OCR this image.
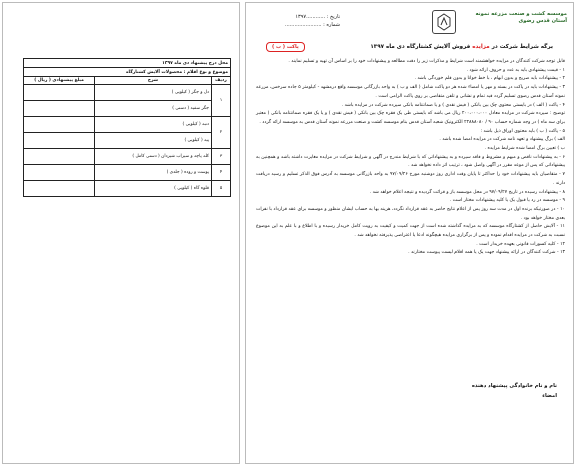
موسسه کشت و صنعت مزرعه نمونه
آستان قدس رضوی
تاریخ : ............۱۳۹۷
شماره : .......................
پاکت ( ب )	برگه شرایط شرکت در مزایده فروش آلایش کشتارگاه دی ماه ۱۳۹۷

قابل توجه شرکت کنندگان در مزایده خواهشمند است شرایط و مذکرات زیر را دقت مطالعه و پیشنهادات خود را بر اساس آن تهیه و تسلیم نمایند .

۱ - قیمت پیشنهادی باید به عدد و حروف ارائه شود .

۲ - پیشنهادات باید صریح و بدون ابهام ، با خط خوانا و بدون قلم خوردگی باشد .

۳ - پیشنهادات باید در پاکت در بسته و مهر یا امضاء شده هر دو پاکت شامل ( الف و ب ) به واحد بازرگانی موسسه واقع درمشهد - کیلومتر ۵ جاده سرخس، مزرعه نمونه آستان قدس رضوی تسلیم گردد قید تمام و نشانی و تلفن متقاضی بر روی پاکت الزامی است .

۴ - پاکت ( الف ) در بایستی محتوی چک بین بانکی ( فیش نقدی ) و یا ضمانتنامه بانکی سپرده شرکت در مزایده باشد .

توضیح : سپرده شرکت در مزایده معادل ۲۰۰،۰۰۰،۰۰۰ ریال می باشد که بایستی طی یک فقره چک بین بانکی ( فیش نقدی ) و یا یک فقره ضمانتنامه بانکی ( معتبر برای سه ماه ) در وجه شماره حساب ۹۰ / ۲۲۸۸۸۰۸۰ الکترونیک شعبه آستان قدس بنام موسسه کشت و صنعت مزرعه نمونه آستان قدس به موسسه ارائه گردد .

۵ - پاکت ( ب ) باید محتوی اوراق ذیل باشد :

الف ) برگ پیشنهاد و تعهد نامه شرکت در مزایده امضا شده باشد .

ب ) تعیین برگ امضا شده شرایط مزایده .

۶ - به پیشنهادات ناقص و مبهم و مشروط و فاقد سپرده و به پیشنهاداتی که با شرایط مندرج در آگهی و شرایط شرکت در مزایده مغایرت داشته باشد و همچنین به پیشنهاداتی که پس از موعد مقرر در آگهی واصل شود ، ترتیب اثر داده نخواهد شد .

۷ - متقاضیان باید پیشنهادات خود را حداکثر تا پایان وقت اداری روز دوشنبه مورخ ۹۷/۰۹/۲۶ به واحد بازرگانی موسسه به آدرس فوق الذکر تسلیم و رسید دریافت دارند .

۸ - پیشنهادات رسیده در تاریخ ۹۷/۰۹/۲۷ در محل موسسه باز و قرائت گردیده و نتیجه اعلام خواهد شد .

۹ - موسسه در رد یا قبول یک یا کلیه پیشنهادات مختار است .

۱۰ - در صورتیکه برنده اول در مدت سه روز پس از اعلام نتایج حاضر به عقد قرارداد نگردد، هزینه بها به حساب ایشان منظور و موسسه برای عقد قرارداد با نفرات بعدی مختار خواهد بود .

۱۱ - آلایش حاصل از کشتارگاه موسسه که به مزایده گذاشته شده است از جهت کمیت و کیفیت به رویت کامل خریدار رسیده و با اطلاع و با علم به این موضوع نسبت به شرکت در مزایده اقدام نموده و پس از برگزاری مزایده هیچگونه ادعا یا اعتراضی پذیرفته نخواهد شد .

۱۲ - کلیه کسورات قانونی بعهده خریدار است .

۱۳ - شرکت کنندگان در ارائه پیشنهاد جهت یک یا همه اقلام لیست پیوست مختارند .

نام و نام خانوادگی پیشنهاد دهنده
امضاء
محل درج پیشنهاد دی ماه ۱۳۹۷		
موضوع و نوع اقلام : محصولات آلایش کشتارگاه		
ردیف	شرح	مبلغ پیشنهادی ( ریال )
۱	دل و جگر ( کیلویی )	
	جگر سفید ( دستی )	
۲	دنبه ( کیلویی )	
	پیه ( کیلویی )	
۳	کله پاچه و سیراب شیردان ( دستی کامل )	
۴	پوست و روده ( جلدی )	
۵	قلوه گاه ( کیلویی )	
